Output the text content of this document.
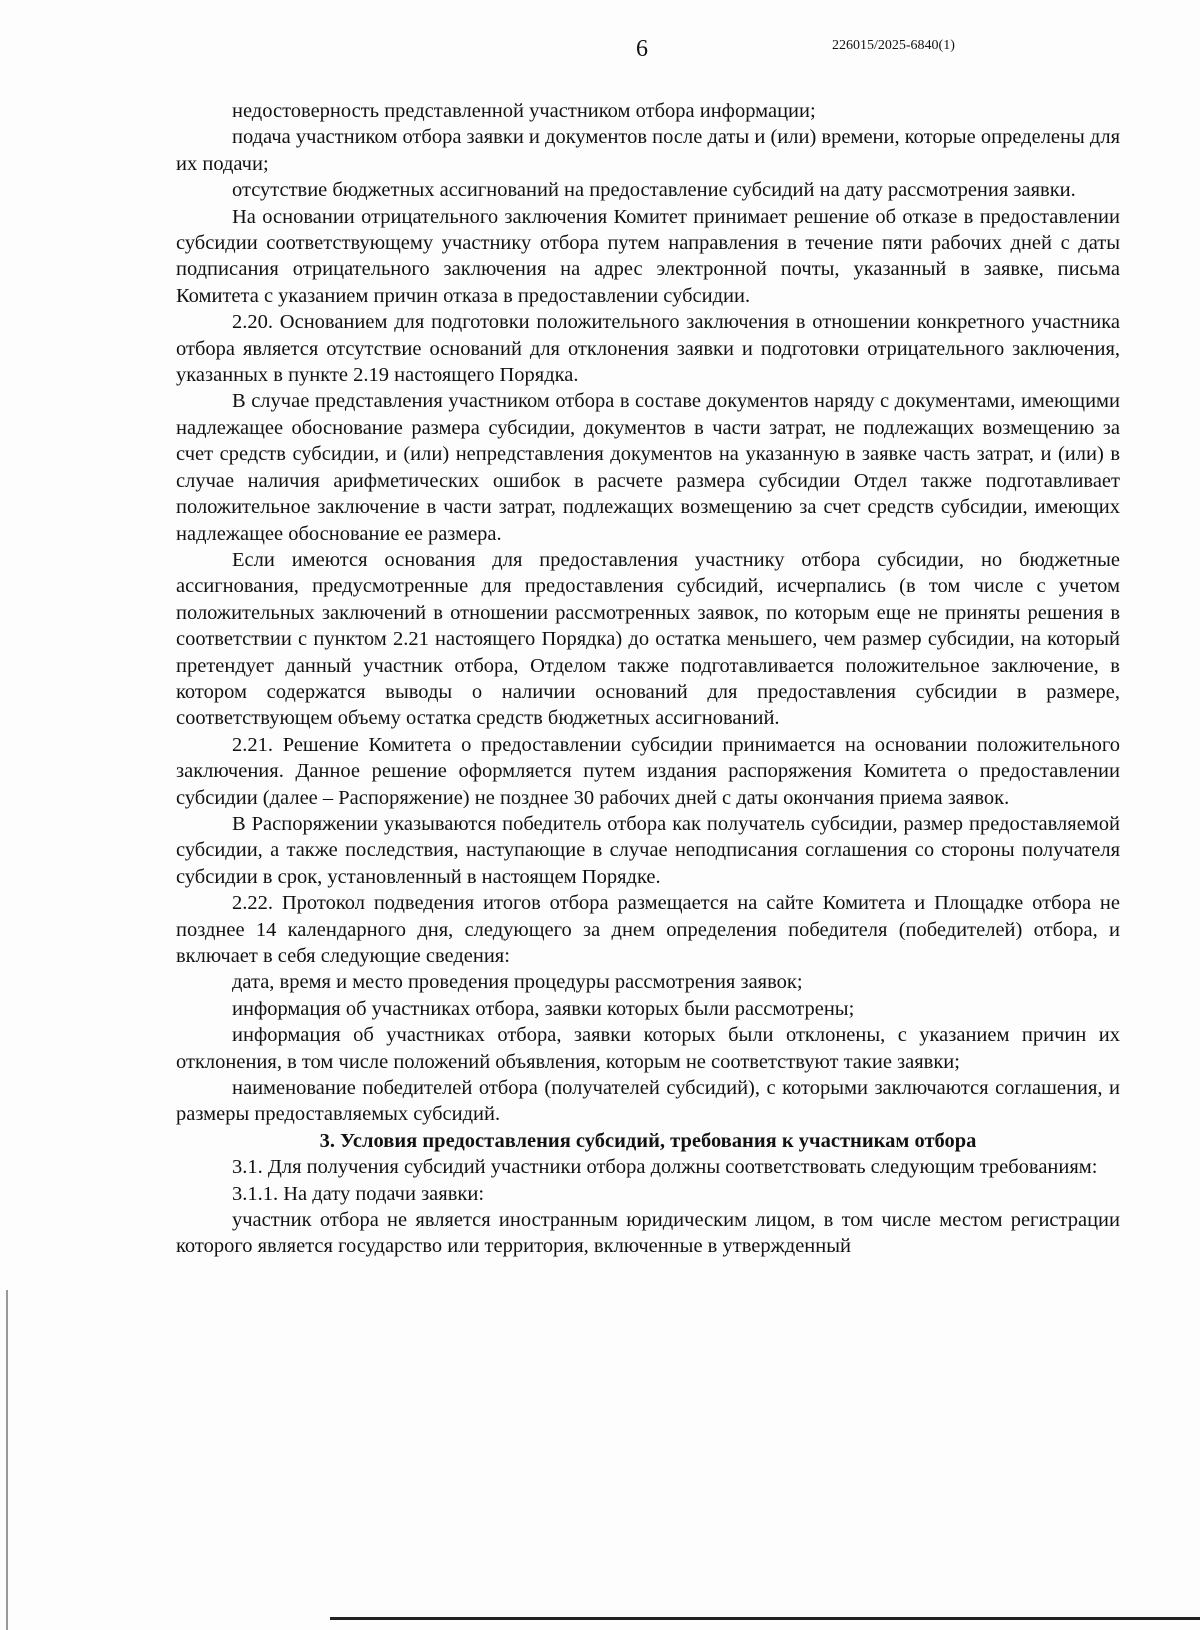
6	226015/2025-6840(1)

недостоверность представленной участником отбора информации;

подача участником отбора заявки и документов после даты и (или) времени, которые определены для их подачи;

отсутствие бюджетных ассигнований на предоставление субсидий на дату рассмотрения заявки.

На основании отрицательного заключения Комитет принимает решение об отказе в предоставлении субсидии соответствующему участнику отбора путем направления в течение пяти рабочих дней с даты подписания отрицательного заключения на адрес электронной почты, указанный в заявке, письма Комитета с указанием причин отказа в предоставлении субсидии.

2.20. Основанием для подготовки положительного заключения в отношении конкретного участника отбора является отсутствие оснований для отклонения заявки и подготовки отрицательного заключения, указанных в пункте 2.19 настоящего Порядка.

В случае представления участником отбора в составе документов наряду с документами, имеющими надлежащее обоснование размера субсидии, документов в части затрат, не подлежащих возмещению за счет средств субсидии, и (или) непредставления документов на указанную в заявке часть затрат, и (или) в случае наличия арифметических ошибок в расчете размера субсидии Отдел также подготавливает положительное заключение в части затрат, подлежащих возмещению за счет средств субсидии, имеющих надлежащее обоснование ее размера.

Если имеются основания для предоставления участнику отбора субсидии, но бюджетные ассигнования, предусмотренные для предоставления субсидий, исчерпались (в том числе с учетом положительных заключений в отношении рассмотренных заявок, по которым еще не приняты решения в соответствии с пунктом 2.21 настоящего Порядка) до остатка меньшего, чем размер субсидии, на который претендует данный участник отбора, Отделом также подготавливается положительное заключение, в котором содержатся выводы о наличии оснований для предоставления субсидии в размере, соответствующем объему остатка средств бюджетных ассигнований.

2.21. Решение Комитета о предоставлении субсидии принимается на основании положительного заключения. Данное решение оформляется путем издания распоряжения Комитета о предоставлении субсидии (далее – Распоряжение) не позднее 30 рабочих дней с даты окончания приема заявок.

В Распоряжении указываются победитель отбора как получатель субсидии, размер предоставляемой субсидии, а также последствия, наступающие в случае неподписания соглашения со стороны получателя субсидии в срок, установленный в настоящем Порядке.

2.22. Протокол подведения итогов отбора размещается на сайте Комитета и Площадке отбора не позднее 14 календарного дня, следующего за днем определения победителя (победителей) отбора, и включает в себя следующие сведения:

дата, время и место проведения процедуры рассмотрения заявок;

информация об участниках отбора, заявки которых были рассмотрены;

информация об участниках отбора, заявки которых были отклонены, с указанием причин их отклонения, в том числе положений объявления, которым не соответствуют такие заявки;

наименование победителей отбора (получателей субсидий), с которыми заключаются соглашения, и размеры предоставляемых субсидий.

3. Условия предоставления субсидий, требования к участникам отбора

3.1. Для получения субсидий участники отбора должны соответствовать следующим требованиям:

3.1.1. На дату подачи заявки:

участник отбора не является иностранным юридическим лицом, в том числе местом регистрации которого является государство или территория, включенные в утвержденный
